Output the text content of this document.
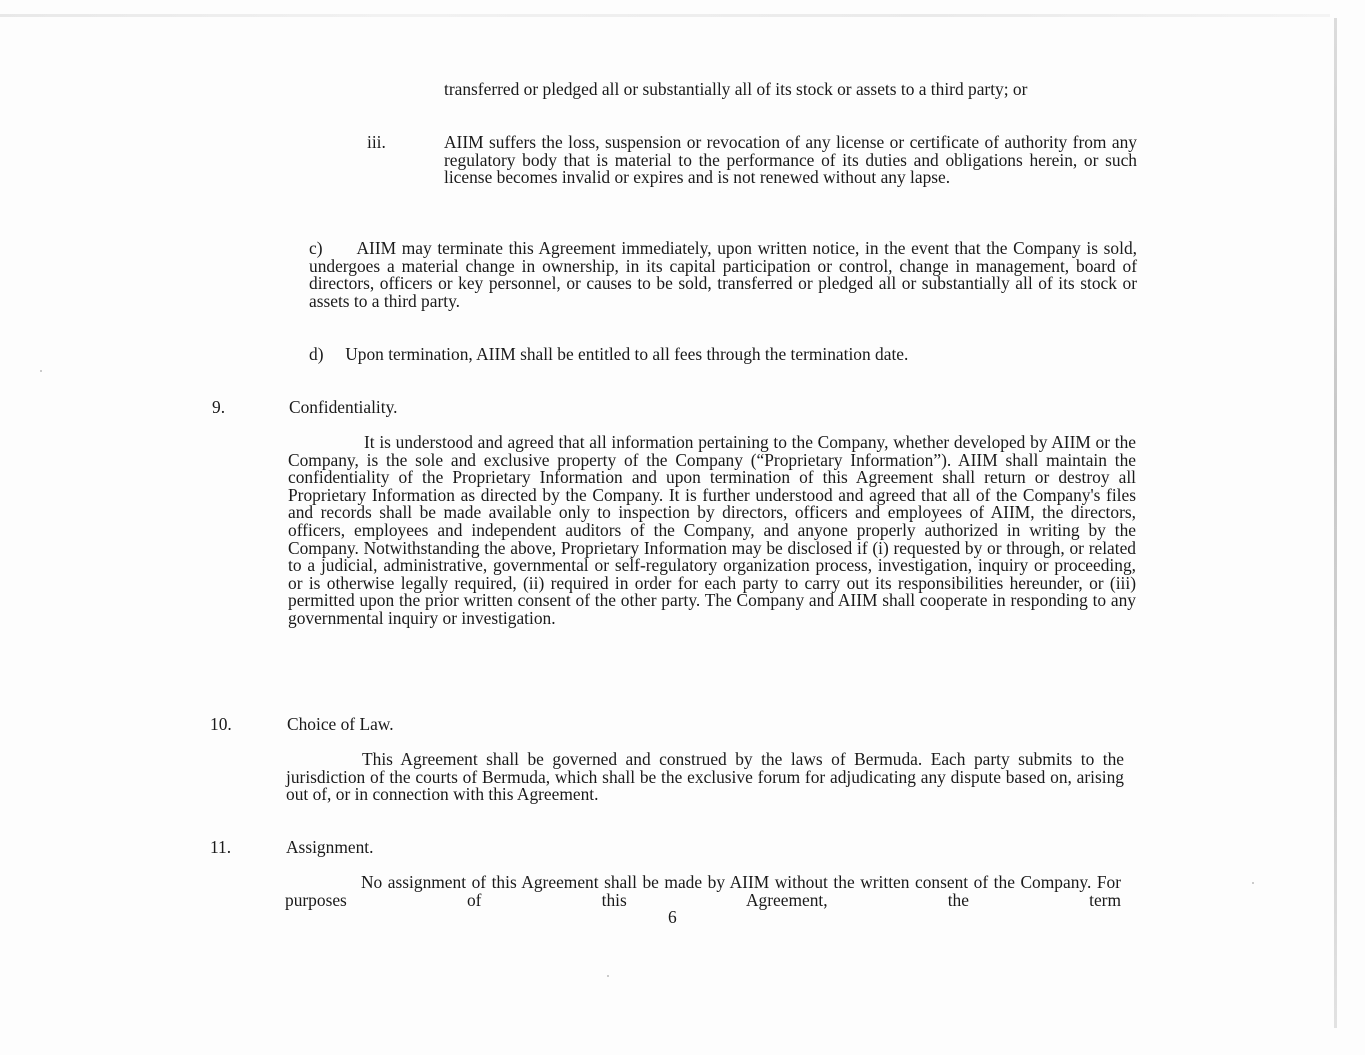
transferred or pledged all or substantially all of its stock or assets to a third party; or

iii.	AIIM suffers the loss, suspension or revocation of any license or certificate of authority from any regulatory body that is material to the performance of its duties and obligations herein, or such license becomes invalid or expires and is not renewed without any lapse.

c)      AIIM may terminate this Agreement immediately, upon written notice, in the event that the Company is sold, undergoes a material change in ownership, in its capital participation or control, change in management, board of directors, officers or key personnel, or causes to be sold, transferred or pledged all or substantially all of its stock or assets to a third party.

d)     Upon termination, AIIM shall be entitled to all fees through the termination date.

9.	Confidentiality.

It is understood and agreed that all information pertaining to the Company, whether developed by AIIM or the Company, is the sole and exclusive property of the Company (“Proprietary Information”). AIIM shall maintain the confidentiality of the Proprietary Information and upon termination of this Agreement shall return or destroy all Proprietary Information as directed by the Company. It is further understood and agreed that all of the Company's files and records shall be made available only to inspection by directors, officers and employees of AIIM, the directors, officers, employees and independent auditors of the Company, and anyone properly authorized in writing by the Company. Notwithstanding the above, Proprietary Information may be disclosed if (i) requested by or through, or related to a judicial, administrative, governmental or self-regulatory organization process, investigation, inquiry or proceeding, or is otherwise legally required, (ii) required in order for each party to carry out its responsibilities hereunder, or (iii) permitted upon the prior written consent of the other party. The Company and AIIM shall cooperate in responding to any governmental inquiry or investigation.

10.	Choice of Law.

This Agreement shall be governed and construed by the laws of Bermuda. Each party submits to the jurisdiction of the courts of Bermuda, which shall be the exclusive forum for adjudicating any dispute based on, arising out of, or in connection with this Agreement.

11.	Assignment.

No assignment of this Agreement shall be made by AIIM without the written consent of the Company. For purposes of this Agreement, the term

6
